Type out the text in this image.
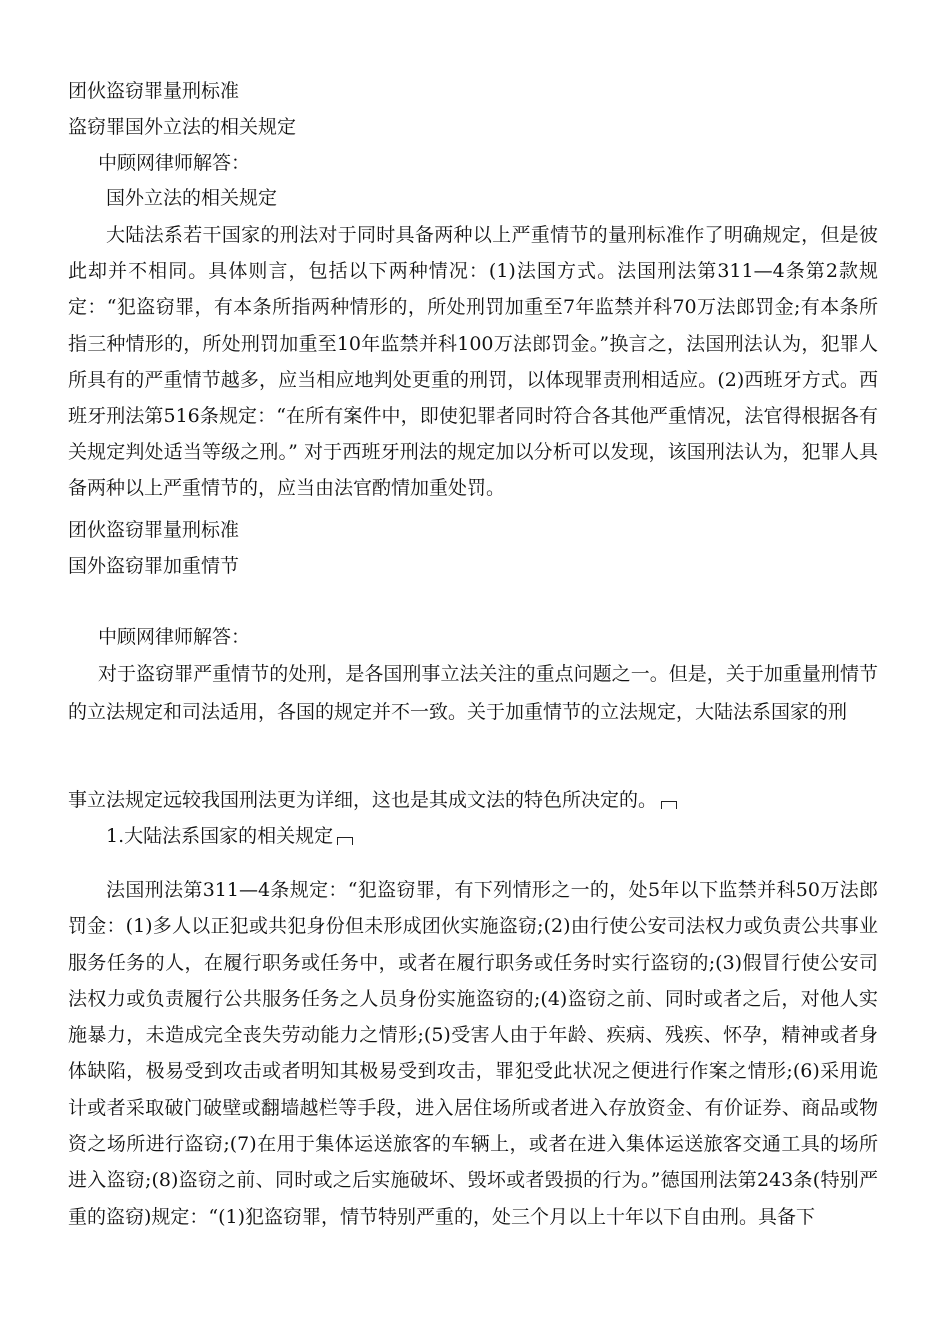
团伙盗窃罪量刑标准
盗窃罪国外立法的相关规定
中顾网律师解答：
国外立法的相关规定
大陆法系若干国家的刑法对于同时具备两种以上严重情节的量刑标准作了明确规定，但是彼此却并不相同。具体则言，包括以下两种情况：(1)法国方式。法国刑法第311—4条第2款规定：“犯盗窃罪，有本条所指两种情形的，所处刑罚加重至7年监禁并科70万法郎罚金;有本条所指三种情形的，所处刑罚加重至10年监禁并科100万法郎罚金。”换言之，法国刑法认为，犯罪人所具有的严重情节越多，应当相应地判处更重的刑罚，以体现罪责刑相适应。(2)西班牙方式。西班牙刑法第516条规定：“在所有案件中，即使犯罪者同时符合各其他严重情况，法官得根据各有关规定判处适当等级之刑。” 对于西班牙刑法的规定加以分析可以发现，该国刑法认为，犯罪人具备两种以上严重情节的，应当由法官酌情加重处罚。
团伙盗窃罪量刑标准
国外盗窃罪加重情节
中顾网律师解答：
对于盗窃罪严重情节的处刑，是各国刑事立法关注的重点问题之一。但是，关于加重量刑情节的立法规定和司法适用，各国的规定并不一致。关于加重情节的立法规定，大陆法系国家的刑
事立法规定远较我国刑法更为详细，这也是其成文法的特色所决定的。
1.大陆法系国家的相关规定
法国刑法第311—4条规定：“犯盗窃罪，有下列情形之一的，处5年以下监禁并科50万法郎罚金：(1)多人以正犯或共犯身份但未形成团伙实施盗窃;(2)由行使公安司法权力或负责公共事业服务任务的人，在履行职务或任务中，或者在履行职务或任务时实行盗窃的;(3)假冒行使公安司法权力或负责履行公共服务任务之人员身份实施盗窃的;(4)盗窃之前、同时或者之后，对他人实施暴力，未造成完全丧失劳动能力之情形;(5)受害人由于年龄、疾病、残疾、怀孕，精神或者身体缺陷，极易受到攻击或者明知其极易受到攻击，罪犯受此状况之便进行作案之情形;(6)采用诡计或者采取破门破壁或翻墙越栏等手段，进入居住场所或者进入存放资金、有价证券、商品或物资之场所进行盗窃;(7)在用于集体运送旅客的车辆上，或者在进入集体运送旅客交通工具的场所进入盗窃;(8)盗窃之前、同时或之后实施破坏、毁坏或者毁损的行为。”德国刑法第243条(特别严重的盗窃)规定：“(1)犯盗窃罪，情节特别严重的，处三个月以上十年以下自由刑。具备下
